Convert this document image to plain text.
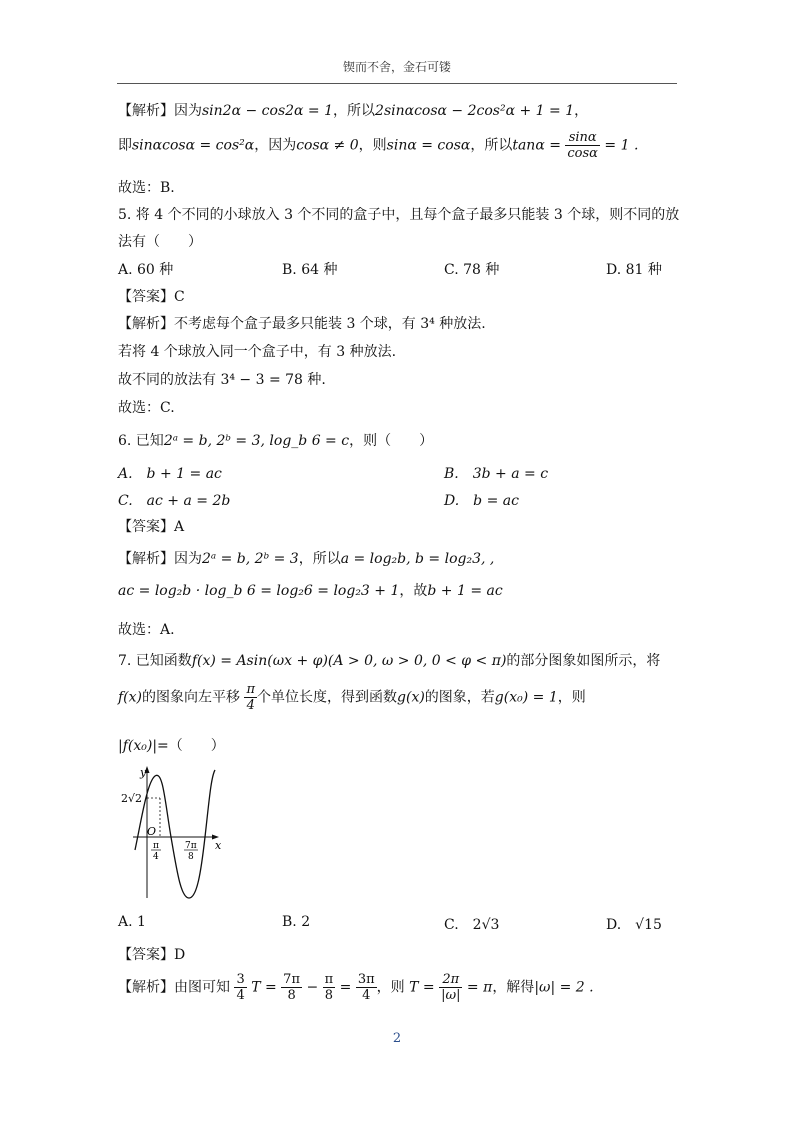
锲而不舍，金石可镂
【解析】因为sin2α − cos2α = 1，所以2sinαcosα − 2cos²α + 1 = 1，
即sinαcosα = cos²α，因为cosα ≠ 0，则sinα = cosα，所以$\tan\alpha = \frac{\sin\alpha}{\cos\alpha} = 1$ .
故选：B.
5. 将 4 个不同的小球放入 3 个不同的盒子中，且每个盒子最多只能装 3 个球，则不同的放
法有（　　）
A. 60 种	B. 64 种	C. 78 种	D. 81 种
【答案】C
【解析】不考虑每个盒子最多只能装 3 个球，有 3⁴ 种放法.
若将 4 个球放入同一个盒子中，有 3 种放法.
故不同的放法有 3⁴ − 3 = 78 种.
故选：C.
6. 已知2ᵃ = b, 2ᵇ = 3, log_b 6 = c，则（　　）
A.　b + 1 = ac	B.　3b + a = c
C.　ac + a = 2b	D.　b = ac
【答案】A
【解析】因为2ᵃ = b, 2ᵇ = 3，所以a = log₂b, b = log₂3, ,
ac = log₂b · log_b 6 = log₂6 = log₂3 + 1，故b + 1 = ac
故选：A.
7. 已知函数f(x) = Asin(ωx + φ)(A > 0, ω > 0, 0 < φ < π)的部分图象如图所示，将
f(x)的图象向左平移 $\frac{\pi}{4}$ 个单位长度，得到函数g(x)的图象，若g(x₀) = 1，则
|f(x₀)|=（　　）
y
x
O
2√2
π
4
7π
8
A. 1	B. 2	C.　2√3	D.　√15
【答案】D
【解析】由图可知 $\frac{3}{4}$ $T = \frac{7\pi}{8} - \frac{\pi}{8} = \frac{3\pi}{4}$ ，则 $T = \frac{2\pi}{|\omega|} = \pi$，解得|ω| = 2 .
2
